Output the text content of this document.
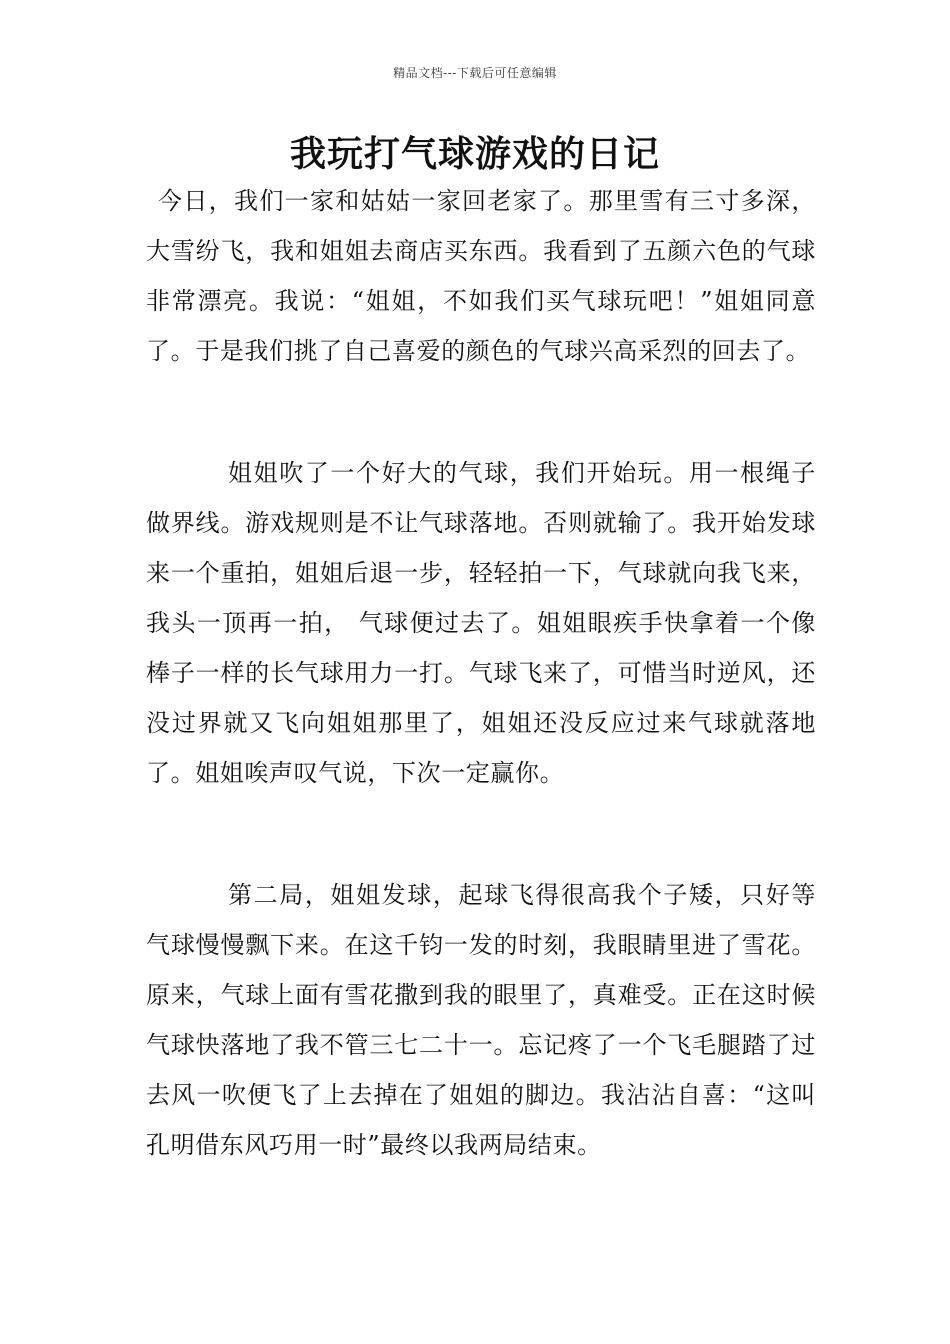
精品文档---下载后可任意编辑
我玩打气球游戏的日记

今日，我们一家和姑姑一家回老家了。那里雪有三寸多深，大雪纷飞，我和姐姐去商店买东西。我看到了五颜六色的气球非常漂亮。我说：“姐姐，不如我们买气球玩吧！”姐姐同意了。于是我们挑了自己喜爱的颜色的气球兴高采烈的回去了。

姐姐吹了一个好大的气球，我们开始玩。用一根绳子做界线。游戏规则是不让气球落地。否则就输了。我开始发球来一个重拍，姐姐后退一步，轻轻拍一下，气球就向我飞来，我头一顶再一拍， 气球便过去了。姐姐眼疾手快拿着一个像棒子一样的长气球用力一打。气球飞来了，可惜当时逆风，还没过界就又飞向姐姐那里了，姐姐还没反应过来气球就落地了。姐姐唉声叹气说，下次一定赢你。

第二局，姐姐发球，起球飞得很高我个子矮，只好等气球慢慢飘下来。在这千钧一发的时刻，我眼睛里进了雪花。原来，气球上面有雪花撒到我的眼里了，真难受。正在这时候气球快落地了我不管三七二十一。忘记疼了一个飞毛腿踏了过去风一吹便飞了上去掉在了姐姐的脚边。我沾沾自喜：“这叫孔明借东风巧用一时”最终以我两局结束。
